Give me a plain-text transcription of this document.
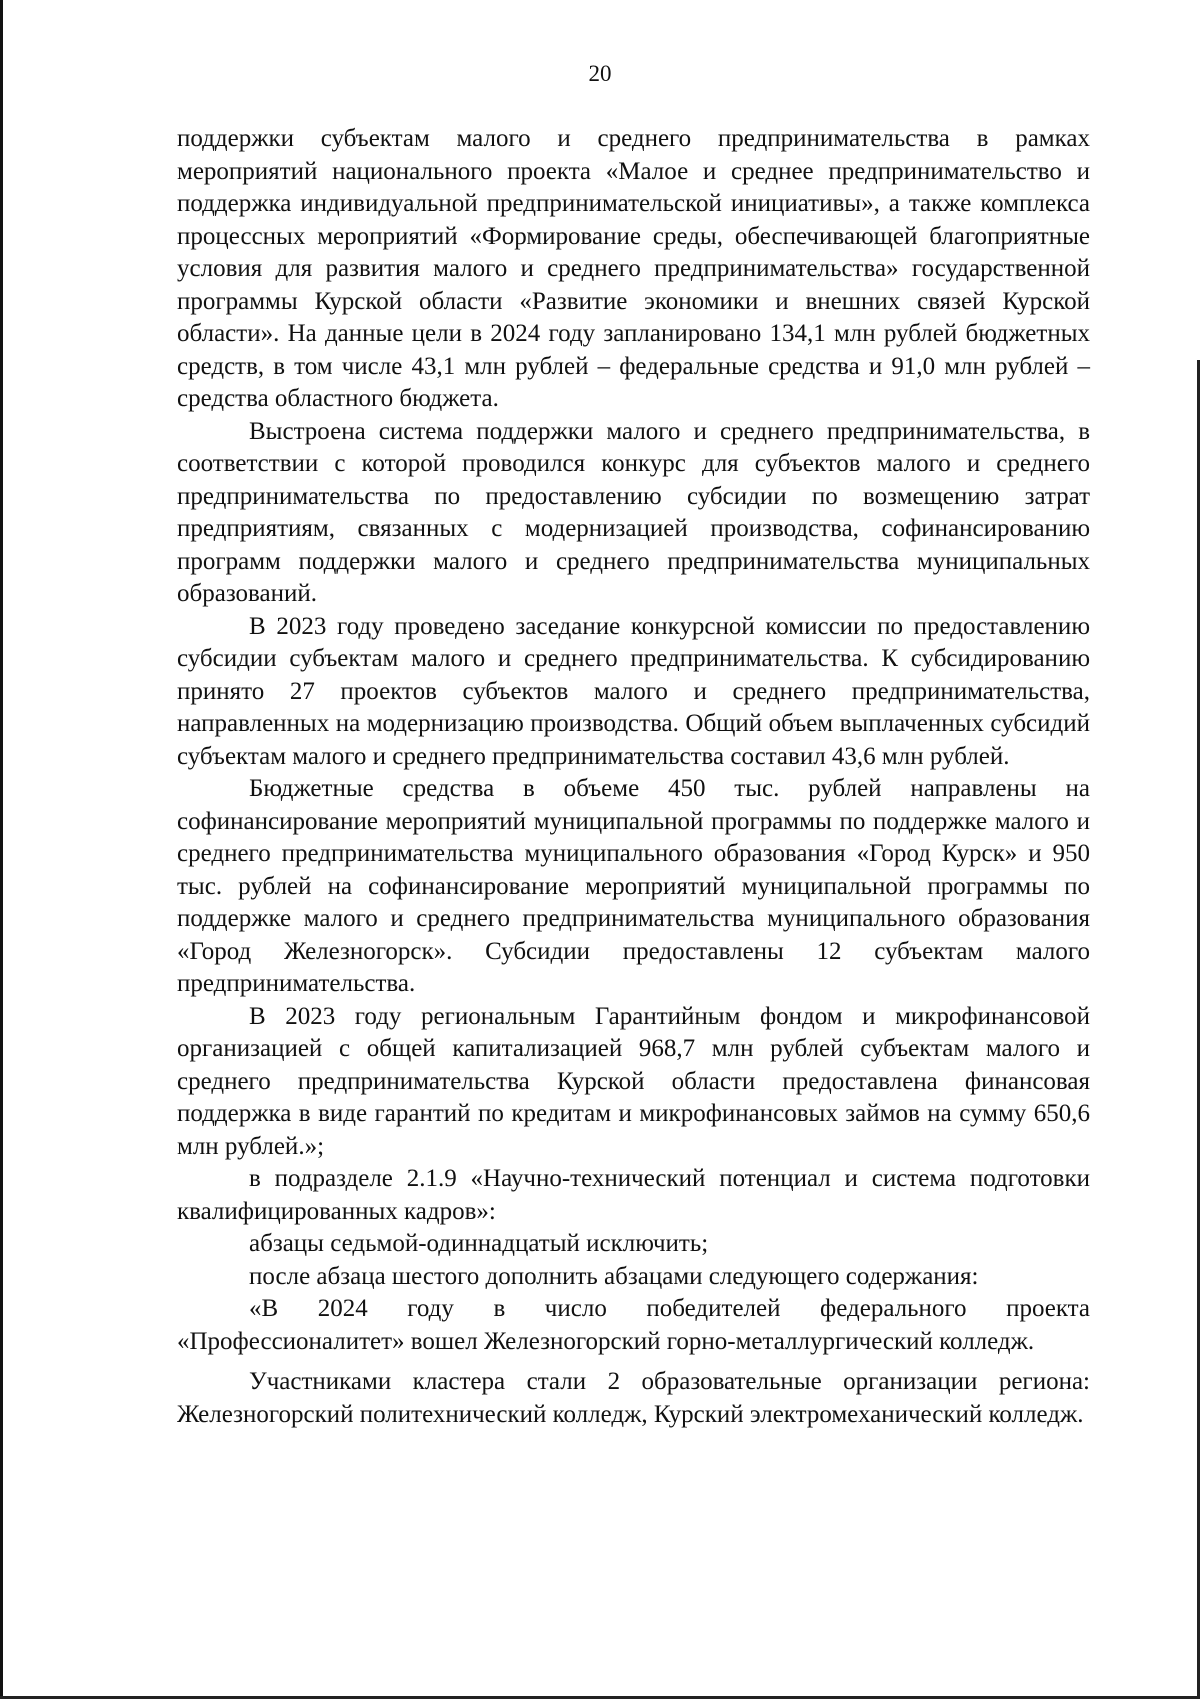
20

поддержки субъектам малого и среднего предпринимательства в рамках мероприятий национального проекта «Малое и среднее предпринимательство и поддержка индивидуальной предпринимательской инициативы», а также комплекса процессных мероприятий «Формирование среды, обеспечивающей благоприятные условия для развития малого и среднего предпринимательства» государственной программы Курской области «Развитие экономики и внешних связей Курской области». На данные цели в 2024 году запланировано 134,1 млн рублей бюджетных средств, в том числе 43,1 млн рублей – федеральные средства и 91,0 млн рублей – средства областного бюджета.

Выстроена система поддержки малого и среднего предпринимательства, в соответствии с которой проводился конкурс для субъектов малого и среднего предпринимательства по предоставлению субсидии по возмещению затрат предприятиям, связанных с модернизацией производства, софинансированию программ поддержки малого и среднего предпринимательства муниципальных образований.

В 2023 году проведено заседание конкурсной комиссии по предоставлению субсидии субъектам малого и среднего предпринимательства. К субсидированию принято 27 проектов субъектов малого и среднего предпринимательства, направленных на модернизацию производства. Общий объем выплаченных субсидий субъектам малого и среднего предпринимательства составил 43,6 млн рублей.

Бюджетные средства в объеме 450 тыс. рублей направлены на софинансирование мероприятий муниципальной программы по поддержке малого и среднего предпринимательства муниципального образования «Город Курск» и 950 тыс. рублей на софинансирование мероприятий муниципальной программы по поддержке малого и среднего предпринимательства муниципального образования «Город Железногорск». Субсидии предоставлены 12 субъектам малого предпринимательства.

В 2023 году региональным Гарантийным фондом и микрофинансовой организацией с общей капитализацией 968,7 млн рублей субъектам малого и среднего предпринимательства Курской области предоставлена финансовая поддержка в виде гарантий по кредитам и микрофинансовых займов на сумму 650,6 млн рублей.»;

в подразделе 2.1.9 «Научно-технический потенциал и система подготовки квалифицированных кадров»:

абзацы седьмой-одиннадцатый исключить;

после абзаца шестого дополнить абзацами следующего содержания:

«В 2024 году в число победителей федерального проекта «Профессионалитет» вошел Железногорский горно-металлургический колледж.

Участниками кластера стали 2 образовательные организации региона: Железногорский политехнический колледж, Курский электромеханический колледж.
